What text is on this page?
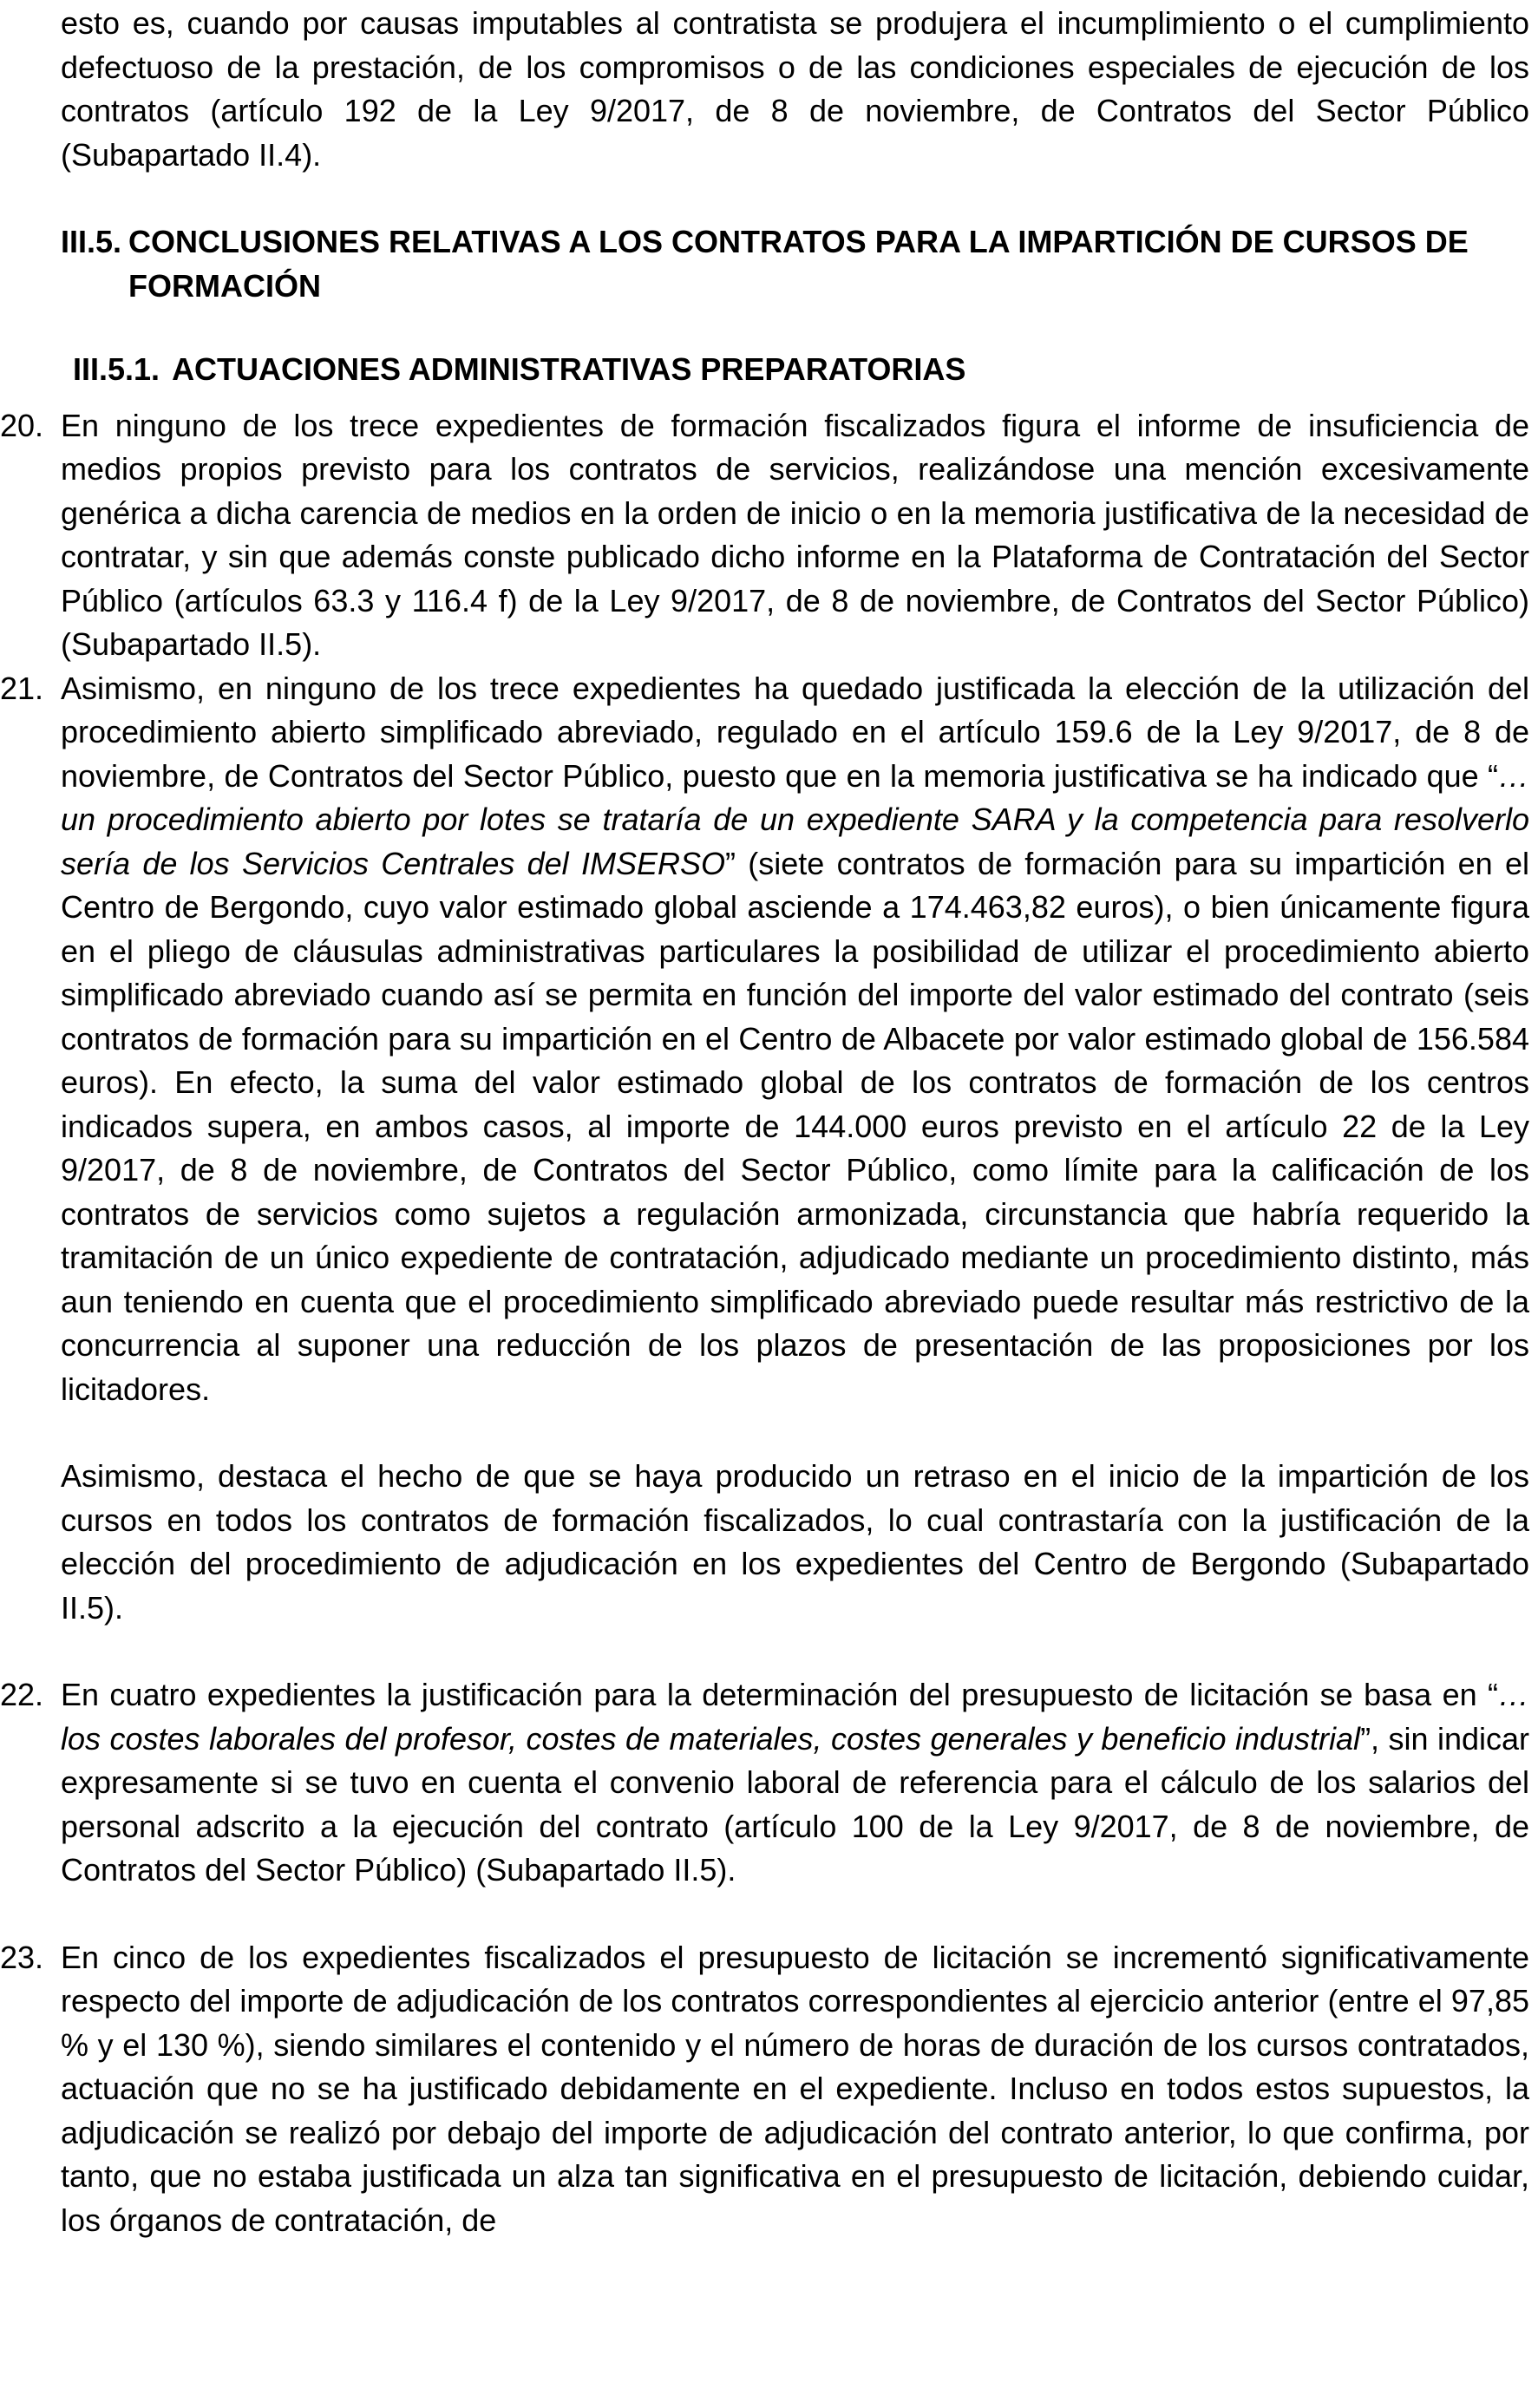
esto es, cuando por causas imputables al contratista se produjera el incumplimiento o el cumplimiento defectuoso de la prestación, de los compromisos o de las condiciones especiales de ejecución de los contratos (artículo 192 de la Ley 9/2017, de 8 de noviembre, de Contratos del Sector Público (Subapartado II.4).

III.5. CONCLUSIONES RELATIVAS A LOS CONTRATOS PARA LA IMPARTICIÓN DE CURSOS DE FORMACIÓN
III.5.1. ACTUACIONES ADMINISTRATIVAS PREPARATORIAS
20. En ninguno de los trece expedientes de formación fiscalizados figura el informe de insuficiencia de medios propios previsto para los contratos de servicios, realizándose una mención excesivamente genérica a dicha carencia de medios en la orden de inicio o en la memoria justificativa de la necesidad de contratar, y sin que además conste publicado dicho informe en la Plataforma de Contratación del Sector Público (artículos 63.3 y 116.4 f) de la Ley 9/2017, de 8 de noviembre, de Contratos del Sector Público) (Subapartado II.5).

21. Asimismo, en ninguno de los trece expedientes ha quedado justificada la elección de la utilización del procedimiento abierto simplificado abreviado, regulado en el artículo 159.6 de la Ley 9/2017, de 8 de noviembre, de Contratos del Sector Público, puesto que en la memoria justificativa se ha indicado que “…un procedimiento abierto por lotes se trataría de un expediente SARA y la competencia para resolverlo sería de los Servicios Centrales del IMSERSO” (siete contratos de formación para su impartición en el Centro de Bergondo, cuyo valor estimado global asciende a 174.463,82 euros), o bien únicamente figura en el pliego de cláusulas administrativas particulares la posibilidad de utilizar el procedimiento abierto simplificado abreviado cuando así se permita en función del importe del valor estimado del contrato (seis contratos de formación para su impartición en el Centro de Albacete por valor estimado global de 156.584 euros). En efecto, la suma del valor estimado global de los contratos de formación de los centros indicados supera, en ambos casos, al importe de 144.000 euros previsto en el artículo 22 de la Ley 9/2017, de 8 de noviembre, de Contratos del Sector Público, como límite para la calificación de los contratos de servicios como sujetos a regulación armonizada, circunstancia que habría requerido la tramitación de un único expediente de contratación, adjudicado mediante un procedimiento distinto, más aun teniendo en cuenta que el procedimiento simplificado abreviado puede resultar más restrictivo de la concurrencia al suponer una reducción de los plazos de presentación de las proposiciones por los licitadores.

Asimismo, destaca el hecho de que se haya producido un retraso en el inicio de la impartición de los cursos en todos los contratos de formación fiscalizados, lo cual contrastaría con la justificación de la elección del procedimiento de adjudicación en los expedientes del Centro de Bergondo (Subapartado II.5).

22. En cuatro expedientes la justificación para la determinación del presupuesto de licitación se basa en “…los costes laborales del profesor, costes de materiales, costes generales y beneficio industrial”, sin indicar expresamente si se tuvo en cuenta el convenio laboral de referencia para el cálculo de los salarios del personal adscrito a la ejecución del contrato (artículo 100 de la Ley 9/2017, de 8 de noviembre, de Contratos del Sector Público) (Subapartado II.5).

23. En cinco de los expedientes fiscalizados el presupuesto de licitación se incrementó significativamente respecto del importe de adjudicación de los contratos correspondientes al ejercicio anterior (entre el 97,85 % y el 130 %), siendo similares el contenido y el número de horas de duración de los cursos contratados, actuación que no se ha justificado debidamente en el expediente. Incluso en todos estos supuestos, la adjudicación se realizó por debajo del importe de adjudicación del contrato anterior, lo que confirma, por tanto, que no estaba justificada un alza tan significativa en el presupuesto de licitación, debiendo cuidar, los órganos de contratación, de
